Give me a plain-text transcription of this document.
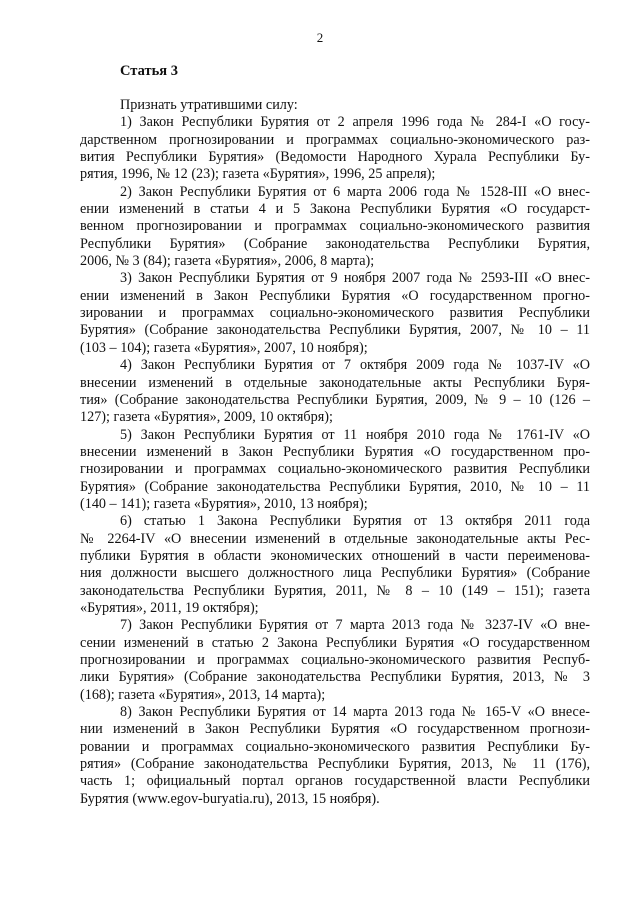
2
Статья 3
Признать утратившими силу:
1) Закон Республики Бурятия от 2 апреля 1996 года № 284-I «О госу-
дарственном прогнозировании и программах социально-экономического раз-
вития Республики Бурятия» (Ведомости Народного Хурала Республики Бу-
рятия, 1996, № 12 (23); газета «Бурятия», 1996, 25 апреля);
2) Закон Республики Бурятия от 6 марта 2006 года № 1528-III «О внес-
ении изменений в статьи 4 и 5 Закона Республики Бурятия «О государст-
венном прогнозировании и программах социально-экономического развития
Республики Бурятия» (Собрание законодательства Республики Бурятия,
2006, № 3 (84); газета «Бурятия», 2006, 8 марта);
3) Закон Республики Бурятия от 9 ноября 2007 года № 2593-III «О внес-
ении изменений в Закон Республики Бурятия «О государственном прогно-
зировании и программах социально-экономического развития Республики
Бурятия» (Собрание законодательства Республики Бурятия, 2007, № 10 – 11
(103 – 104); газета «Бурятия», 2007, 10 ноября);
4) Закон Республики Бурятия от 7 октября 2009 года № 1037-IV «О
внесении изменений в отдельные законодательные акты Республики Буря-
тия» (Собрание законодательства Республики Бурятия, 2009, № 9 – 10 (126 –
127); газета «Бурятия», 2009, 10 октября);
5) Закон Республики Бурятия от 11 ноября 2010 года № 1761-IV «О
внесении изменений в Закон Республики Бурятия «О государственном про-
гнозировании и программах социально-экономического развития Республики
Бурятия» (Собрание законодательства Республики Бурятия, 2010, № 10 – 11
(140 – 141); газета «Бурятия», 2010, 13 ноября);
6) статью 1 Закона Республики Бурятия от 13 октября 2011 года
№ 2264-IV «О внесении изменений в отдельные законодательные акты Рес-
публики Бурятия в области экономических отношений в части переименова-
ния должности высшего должностного лица Республики Бурятия» (Собрание
законодательства Республики Бурятия, 2011, № 8 – 10 (149 – 151); газета
«Бурятия», 2011, 19 октября);
7) Закон Республики Бурятия от 7 марта 2013 года № 3237-IV «О вне-
сении изменений в статью 2 Закона Республики Бурятия «О государственном
прогнозировании и программах социально-экономического развития Респуб-
лики Бурятия» (Собрание законодательства Республики Бурятия, 2013, № 3
(168); газета «Бурятия», 2013, 14 марта);
8) Закон Республики Бурятия от 14 марта 2013 года № 165-V «О внесе-
нии изменений в Закон Республики Бурятия «О государственном прогнози-
ровании и программах социально-экономического развития Республики Бу-
рятия» (Собрание законодательства Республики Бурятия, 2013, № 11 (176),
часть 1; официальный портал органов государственной власти Республики
Бурятия (www.egov-buryatia.ru), 2013, 15 ноября).
